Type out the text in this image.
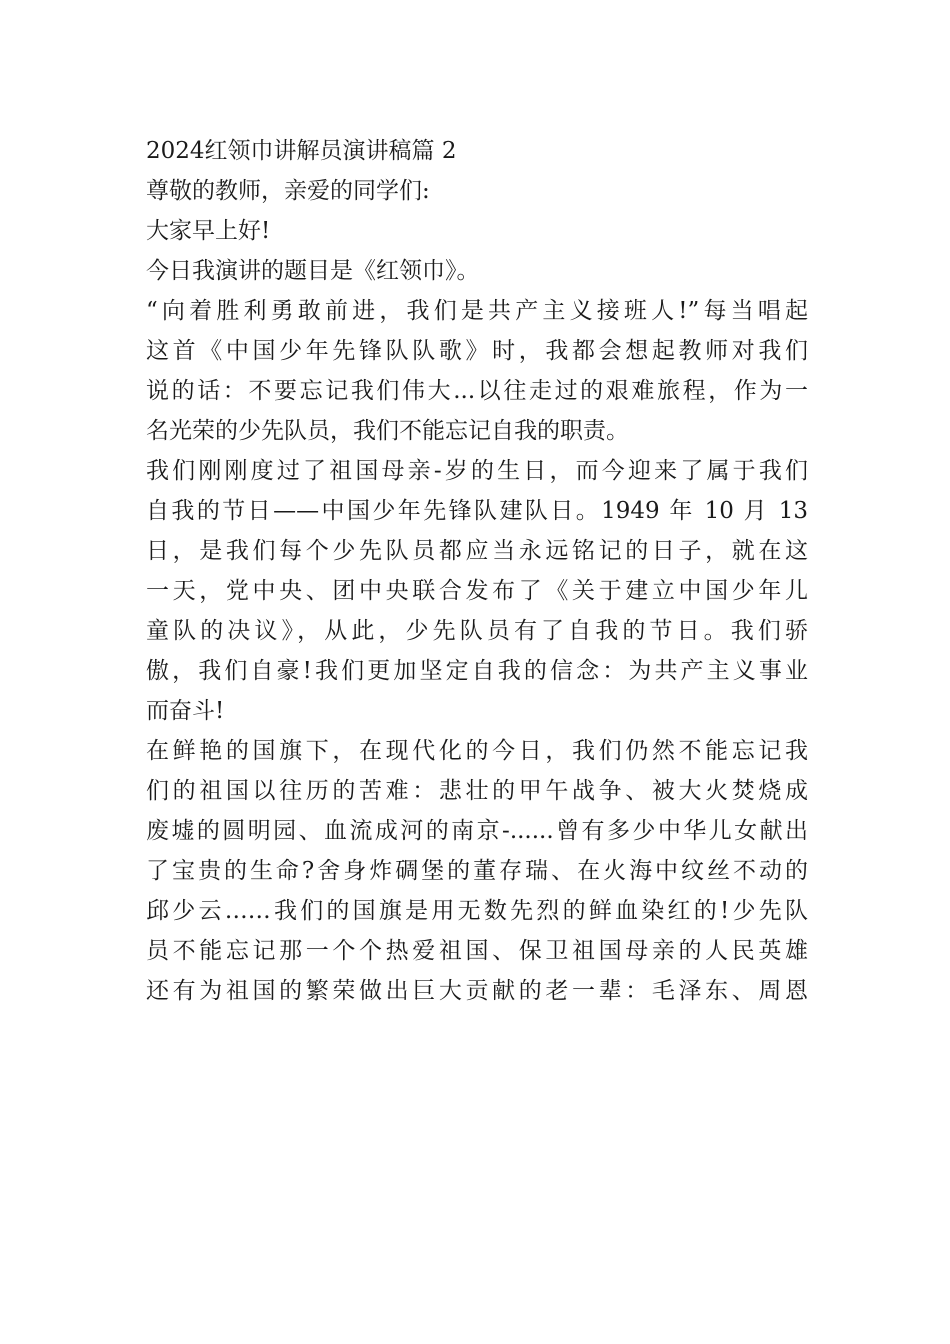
2024红领巾讲解员演讲稿篇 2
尊敬的教师，亲爱的同学们:
大家早上好!
今日我演讲的题目是《红领巾》。
“向着胜利勇敢前进，我们是共产主义接班人!”每当唱起
这首《中国少年先锋队队歌》时，我都会想起教师对我们
说的话：不要忘记我们伟大...以往走过的艰难旅程，作为一
名光荣的少先队员，我们不能忘记自我的职责。
我们刚刚度过了祖国母亲-岁的生日，而今迎来了属于我们
自我的节日——中国少年先锋队建队日。1949 年 10 月 13
日，是我们每个少先队员都应当永远铭记的日子，就在这
一天，党中央、团中央联合发布了《关于建立中国少年儿
童队的决议》，从此，少先队员有了自我的节日。我们骄
傲，我们自豪!我们更加坚定自我的信念：为共产主义事业
而奋斗!
在鲜艳的国旗下，在现代化的今日，我们仍然不能忘记我
们的祖国以往历的苦难：悲壮的甲午战争、被大火焚烧成
废墟的圆明园、血流成河的南京-......曾有多少中华儿女献出
了宝贵的生命?舍身炸碉堡的董存瑞、在火海中纹丝不动的
邱少云……我们的国旗是用无数先烈的鲜血染红的!少先队
员不能忘记那一个个热爱祖国、保卫祖国母亲的人民英雄
还有为祖国的繁荣做出巨大贡献的老一辈：毛泽东、周恩
